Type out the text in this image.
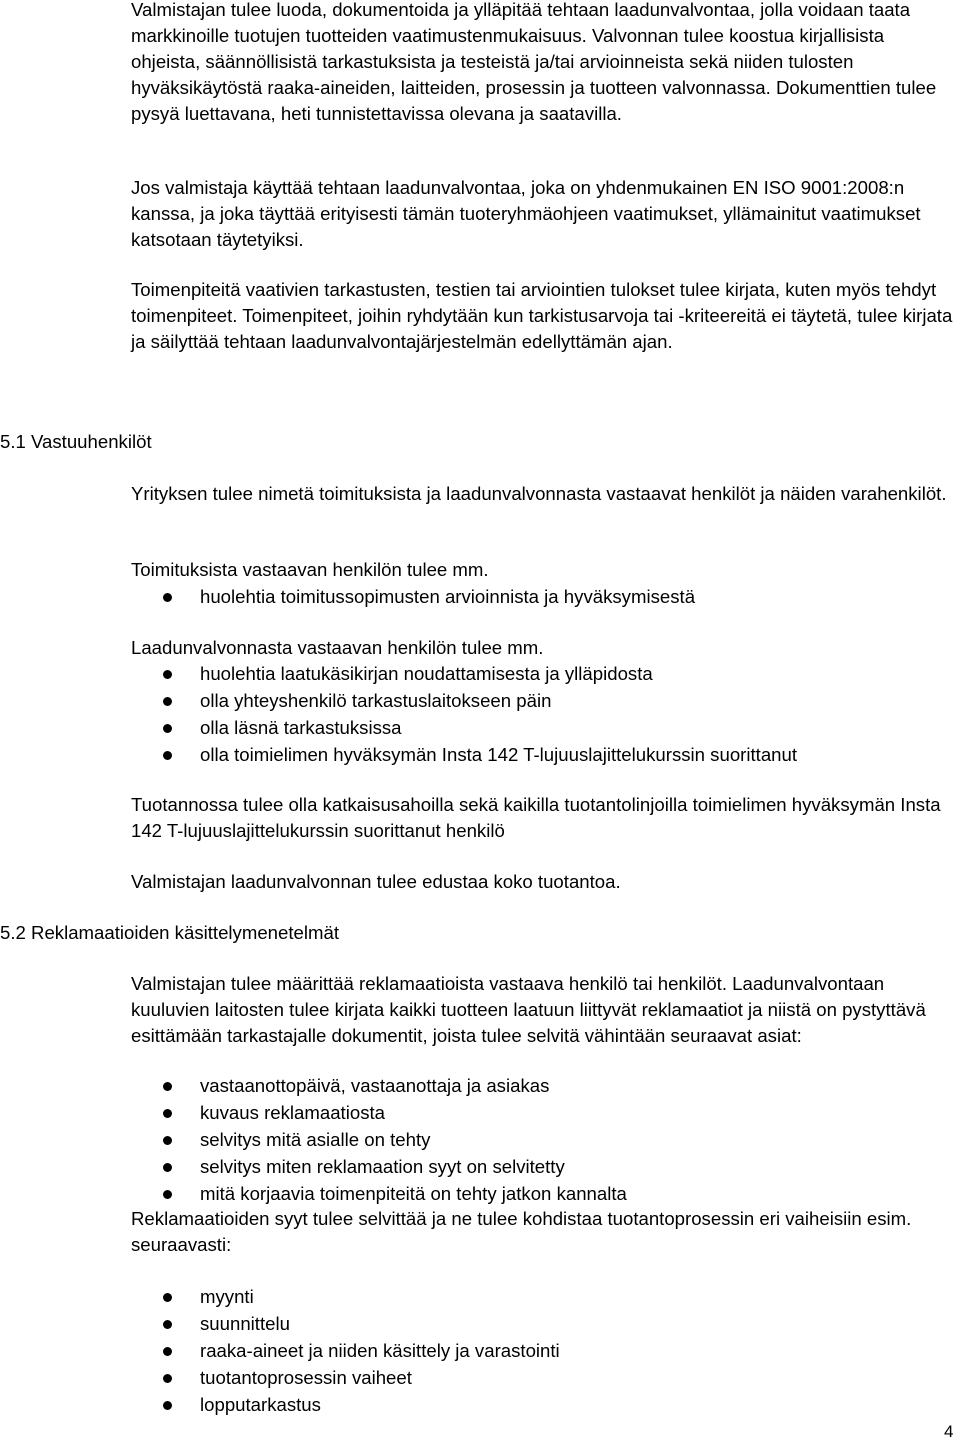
Valmistajan tulee luoda, dokumentoida ja ylläpitää tehtaan laadunvalvontaa, jolla voidaan taata markkinoille tuotujen tuotteiden vaatimustenmukaisuus. Valvonnan tulee koostua kirjallisista ohjeista, säännöllisistä tarkastuksista ja testeistä ja/tai arvioinneista sekä niiden tulosten hyväksikäytöstä raaka-aineiden, laitteiden, prosessin ja tuotteen valvonnassa. Dokumenttien tulee pysyä luettavana, heti tunnistettavissa olevana ja saatavilla.

Jos valmistaja käyttää tehtaan laadunvalvontaa, joka on yhdenmukainen EN ISO 9001:2008:n kanssa, ja joka täyttää erityisesti tämän tuoteryhmäohjeen vaatimukset, yllämainitut vaatimukset katsotaan täytetyiksi.

Toimenpiteitä vaativien tarkastusten, testien tai arviointien tulokset tulee kirjata, kuten myös tehdyt toimenpiteet. Toimenpiteet, joihin ryhdytään kun tarkistusarvoja tai -kriteereitä ei täytetä, tulee kirjata ja säilyttää tehtaan laadunvalvontajärjestelmän edellyttämän ajan.

5.1 Vastuuhenkilöt

Yrityksen tulee nimetä toimituksista ja laadunvalvonnasta vastaavat henkilöt ja näiden varahenkilöt.

Toimituksista vastaavan henkilön tulee mm.

huolehtia toimitussopimusten arvioinnista ja hyväksymisestä

Laadunvalvonnasta vastaavan henkilön tulee mm.

huolehtia laatukäsikirjan noudattamisesta ja ylläpidosta
olla yhteyshenkilö tarkastuslaitokseen päin
olla läsnä tarkastuksissa
olla toimielimen hyväksymän Insta 142 T-lujuuslajittelukurssin suorittanut

Tuotannossa tulee olla katkaisusahoilla sekä kaikilla tuotantolinjoilla toimielimen hyväksymän Insta 142 T-lujuuslajittelukurssin suorittanut henkilö

Valmistajan laadunvalvonnan tulee edustaa koko tuotantoa.

5.2 Reklamaatioiden käsittelymenetelmät

Valmistajan tulee määrittää reklamaatioista vastaava henkilö tai henkilöt. Laadunvalvontaan kuuluvien laitosten tulee kirjata kaikki tuotteen laatuun liittyvät reklamaatiot ja niistä on pystyttävä esittämään tarkastajalle dokumentit, joista tulee selvitä vähintään seuraavat asiat:

vastaanottopäivä, vastaanottaja ja asiakas
kuvaus reklamaatiosta
selvitys mitä asialle on tehty
selvitys miten reklamaation syyt on selvitetty
mitä korjaavia toimenpiteitä on tehty jatkon kannalta

Reklamaatioiden syyt tulee selvittää ja ne tulee kohdistaa tuotantoprosessin eri vaiheisiin esim. seuraavasti:

myynti
suunnittelu
raaka-aineet ja niiden käsittely ja varastointi
tuotantoprosessin vaiheet
lopputarkastus
4
